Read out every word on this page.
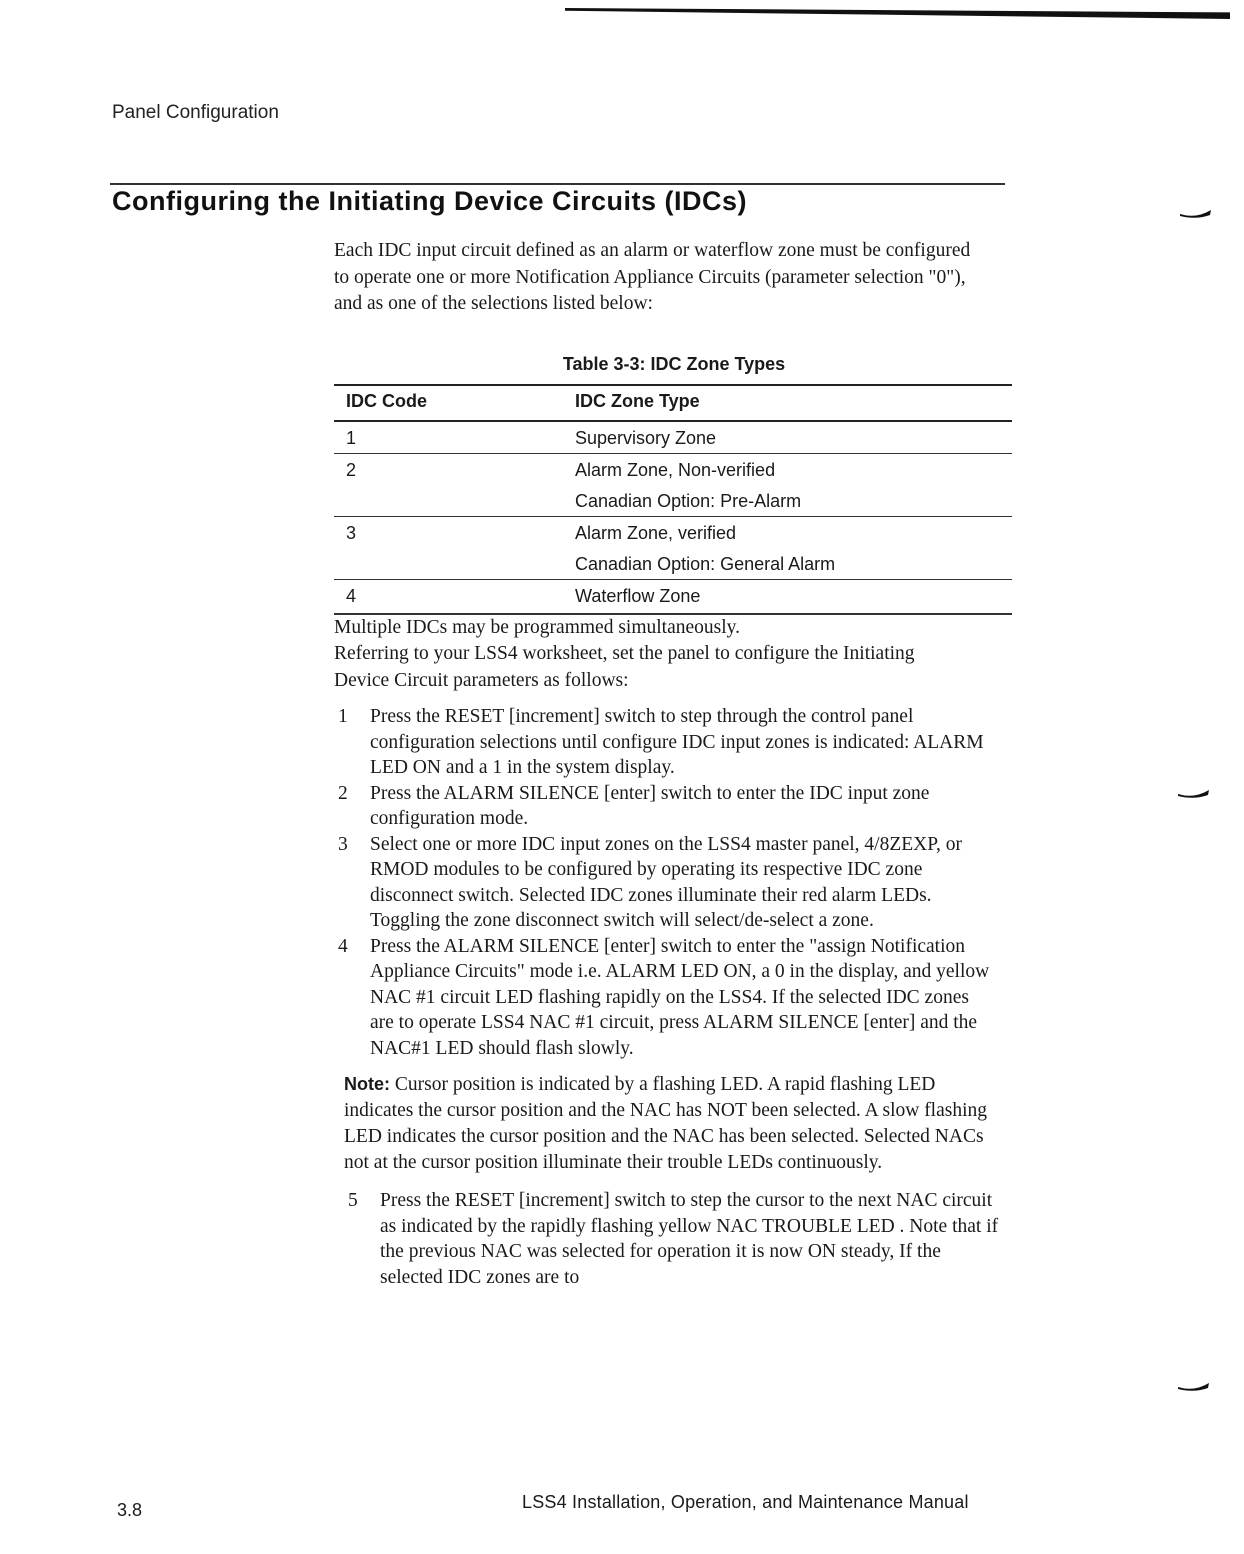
Panel Configuration
Configuring the Initiating Device Circuits (IDCs)

Each IDC input circuit defined as an alarm or waterflow zone must be configured to operate one or more Notification Appliance Circuits (parameter selection "0"), and as one of the selections listed below:

Table 3-3: IDC Zone Types
IDC Code	IDC Zone Type
1	Supervisory Zone
2	Alarm Zone, Non-verified
	Canadian Option: Pre-Alarm
3	Alarm Zone, verified
	Canadian Option: General Alarm
4	Waterflow Zone

Multiple IDCs may be programmed simultaneously.

Referring to your LSS4 worksheet, set the panel to configure the Initiating Device Circuit parameters as follows:

1	Press the RESET [increment] switch to step through the control panel configuration selections until configure IDC input zones is indicated: ALARM LED ON and a 1 in the system display.
2	Press the ALARM SILENCE [enter] switch to enter the IDC input zone configuration mode.
3	Select one or more IDC input zones on the LSS4 master panel, 4/8ZEXP, or RMOD modules to be configured by operating its respective IDC zone disconnect switch. Selected IDC zones illuminate their red alarm LEDs. Toggling the zone disconnect switch will select/de-select a zone.
4	Press the ALARM SILENCE [enter] switch to enter the "assign Notification Appliance Circuits" mode i.e. ALARM LED ON, a 0 in the display, and yellow NAC #1 circuit LED flashing rapidly on the LSS4. If the selected IDC zones are to operate LSS4 NAC #1 circuit, press ALARM SILENCE [enter] and the NAC#1 LED should flash slowly.
Note: Cursor position is indicated by a flashing LED. A rapid flashing LED indicates the cursor position and the NAC has NOT been selected. A slow flashing LED indicates the cursor position and the NAC has been selected. Selected NACs not at the cursor position illuminate their trouble LEDs continuously.
5	Press the RESET [increment] switch to step the cursor to the next NAC circuit as indicated by the rapidly flashing yellow NAC TROUBLE LED . Note that if the previous NAC was selected for operation it is now ON steady, If the selected IDC zones are to
3.8	LSS4 Installation, Operation, and Maintenance Manual
